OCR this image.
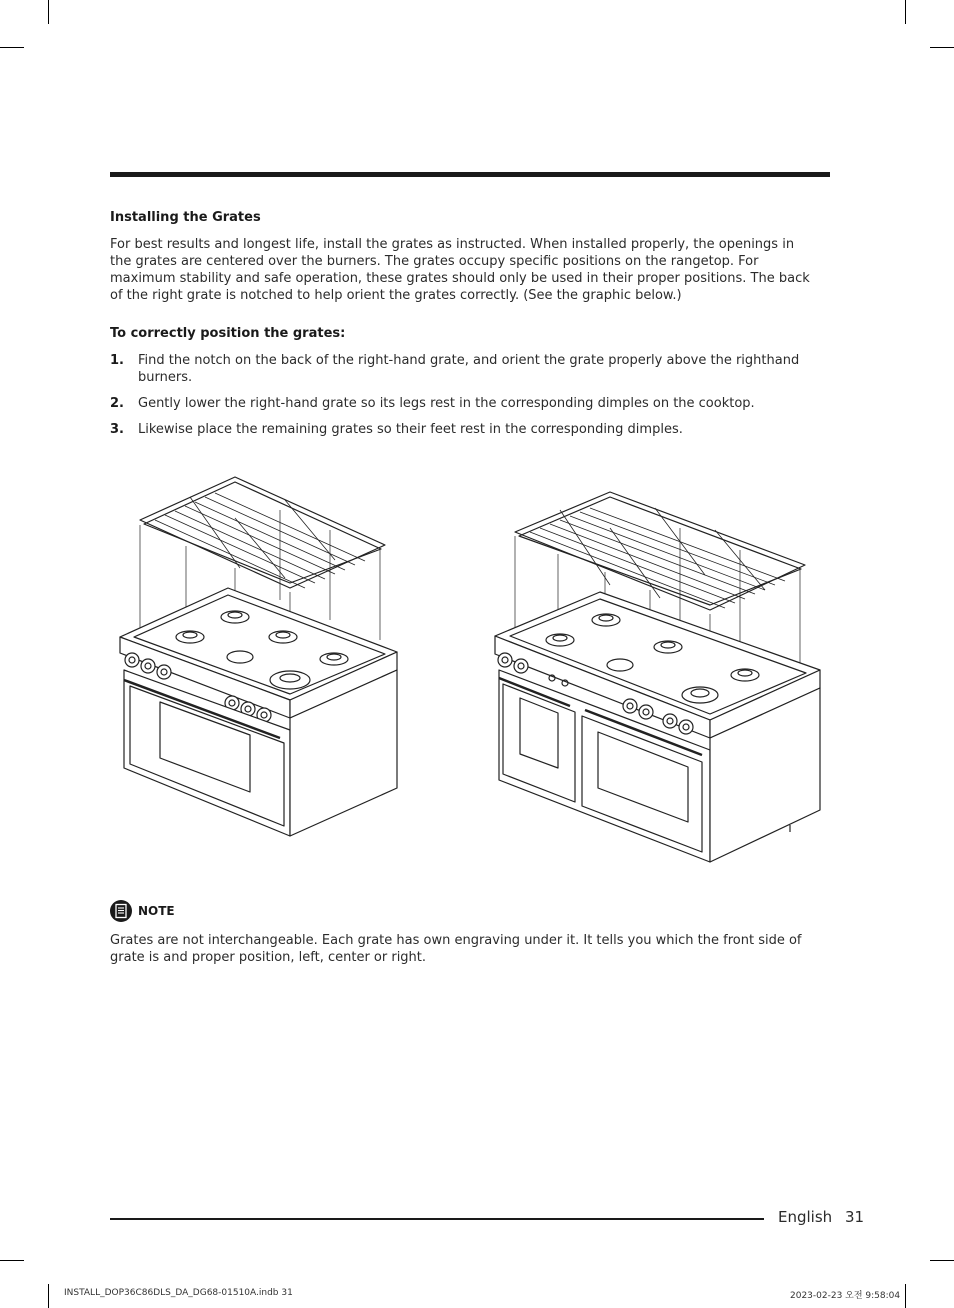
Installing the Grates
For best results and longest life, install the grates as instructed. When installed properly, the openings in the grates are centered over the burners. The grates occupy specific positions on the rangetop. For maximum stability and safe operation, these grates should only be used in their proper positions. The back of the right grate is notched to help orient the grates correctly. (See the graphic below.)
To correctly position the grates:
1. Find the notch on the back of the right-hand grate, and orient the grate properly above the righthand burners.
2. Gently lower the right-hand grate so its legs rest in the corresponding dimples on the cooktop.
3. Likewise place the remaining grates so their feet rest in the corresponding dimples.
NOTE
Grates are not interchangeable. Each grate has own engraving under it. It tells you which the front side of grate is and proper position, left, center or right.
English 31
INSTALL_DOP36C86DLS_DA_DG68-01510A.indb 31	2023-02-23 오전 9:58:04
